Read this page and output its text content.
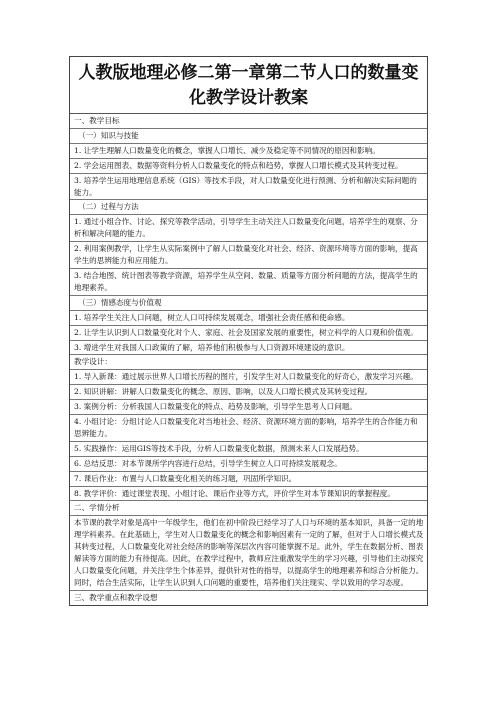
人教版地理必修二第一章第二节人口的数量变化教学设计教案
一、教学目标
（一）知识与技能
1. 让学生理解人口数量变化的概念，掌握人口增长、减少及稳定等不同情况的原因和影响。
2. 学会运用图表、数据等资料分析人口数量变化的特点和趋势，掌握人口增长模式及其转变过程。
3. 培养学生运用地理信息系统（GIS）等技术手段，对人口数量变化进行预测、分析和解决实际问题的能力。
（二）过程与方法
1. 通过小组合作、讨论、探究等教学活动，引导学生主动关注人口数量变化问题，培养学生的观察、分析和解决问题的能力。
2. 利用案例教学，让学生从实际案例中了解人口数量变化对社会、经济、资源环境等方面的影响，提高学生的思辨能力和应用能力。
3. 结合地图、统计图表等教学资源，培养学生从空间、数量、质量等方面分析问题的方法，提高学生的地理素养。
（三）情感态度与价值观
1. 培养学生关注人口问题，树立人口可持续发展观念，增强社会责任感和使命感。
2. 让学生认识到人口数量变化对个人、家庭、社会及国家发展的重要性，树立科学的人口观和价值观。
3. 增进学生对我国人口政策的了解，培养他们积极参与人口资源环境建设的意识。
教学设计：
1. 导入新课：通过展示世界人口增长历程的图片，引发学生对人口数量变化的好奇心，激发学习兴趣。
2. 知识讲解：讲解人口数量变化的概念、原因、影响，以及人口增长模式及其转变过程。
3. 案例分析：分析我国人口数量变化的特点、趋势及影响，引导学生思考人口问题。
4. 小组讨论：分组讨论人口数量变化对当地社会、经济、资源环境方面的影响，培养学生的合作能力和思辨能力。
5. 实践操作：运用GIS等技术手段，分析人口数量变化数据，预测未来人口发展趋势。
6. 总结反思：对本节课所学内容进行总结，引导学生树立人口可持续发展观念。
7. 课后作业：布置与人口数量变化相关的练习题，巩固所学知识。
8. 教学评价：通过课堂表现、小组讨论、课后作业等方式，评价学生对本节课知识的掌握程度。
二、学情分析
本节课的教学对象是高中一年级学生，他们在初中阶段已经学习了人口与环境的基本知识，具备一定的地理学科素养。在此基础上，学生对人口数量变化的概念和影响因素有一定的了解，但对于人口增长模式及其转变过程、人口数量变化对社会经济的影响等深层次内容可能掌握不足。此外，学生在数据分析、图表解读等方面的能力有待提高。因此，在教学过程中，教师应注重激发学生的学习兴趣，引导他们主动探究人口数量变化问题，并关注学生个体差异，提供针对性的指导，以提高学生的地理素养和综合分析能力。同时，结合生活实际，让学生认识到人口问题的重要性，培养他们关注现实、学以致用的学习态度。
三、教学重点和教学设想
